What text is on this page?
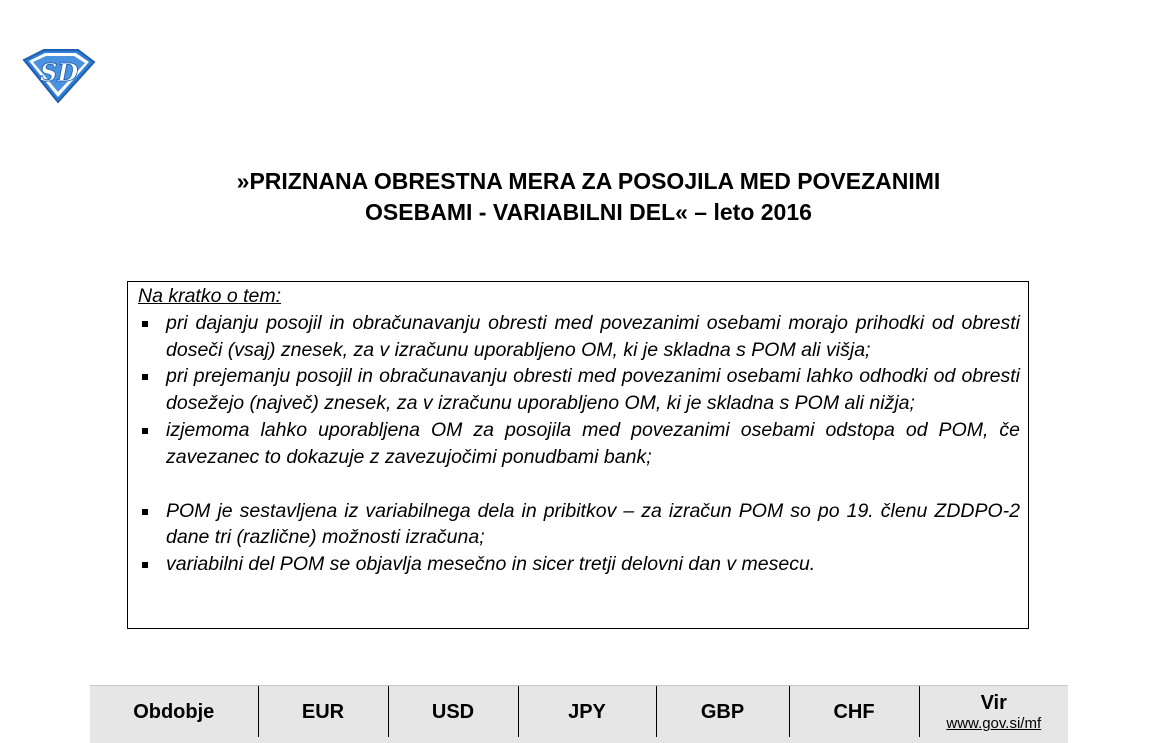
SD
»PRIZNANA OBRESTNA MERA ZA POSOJILA MED POVEZANIMI
OSEBAMI - VARIABILNI DEL« – leto 2016
Na kratko o tem:
pri dajanju posojil in obračunavanju obresti med povezanimi osebami morajo prihodki od obresti doseči (vsaj) znesek, za v izračunu uporabljeno OM, ki je skladna s POM ali višja;
pri prejemanju posojil in obračunavanju obresti med povezanimi osebami lahko odhodki od obresti dosežejo (največ) znesek, za v izračunu uporabljeno OM, ki je skladna s POM ali nižja;
izjemoma lahko uporabljena OM za posojila med povezanimi osebami odstopa od POM, če zavezanec to dokazuje z zavezujočimi ponudbami bank;
POM je sestavljena iz variabilnega dela in pribitkov – za izračun POM so po 19. členu ZDDPO-2 dane tri (različne) možnosti izračuna;
variabilni del POM se objavlja mesečno in sicer tretji delovni dan v mesecu.
Obdobje	EUR	USD	JPY	GBP	CHF	Vir
www.gov.si/mf
